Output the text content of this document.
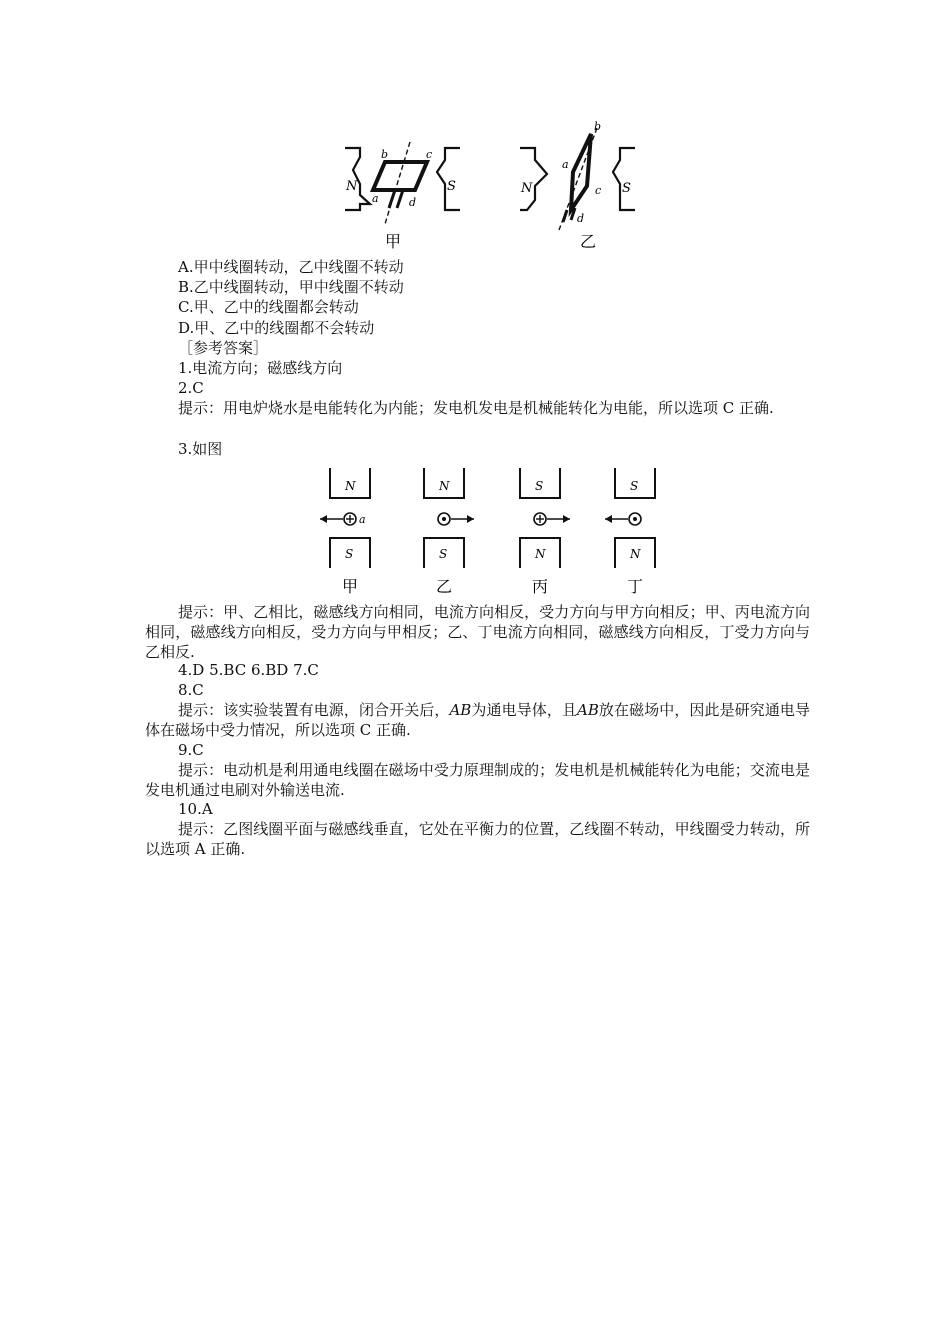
N	S
a
b	c
d
甲
N	S
a
b
c
d
乙
A.甲中线圈转动，乙中线圈不转动
B.乙中线圈转动，甲中线圈不转动
C.甲、乙中的线圈都会转动
D.甲、乙中的线圈都不会转动
［参考答案］
1.电流方向；磁感线方向
2.C
提示：用电炉烧水是电能转化为内能；发电机发电是机械能转化为电能，所以选项 C 正确.
3.如图
N
S
a
甲
N
S
乙
S
N
丙
S
N
丁
提示：甲、乙相比，磁感线方向相同，电流方向相反，受力方向与甲方向相反；甲、丙电流方向相同，磁感线方向相反，受力方向与甲相反；乙、丁电流方向相同，磁感线方向相反，丁受力方向与乙相反.
4.D 5.BC 6.BD 7.C
8.C
提示：该实验装置有电源，闭合开关后，AB为通电导体，且AB放在磁场中，因此是研究通电导体在磁场中受力情况，所以选项 C 正确.
9.C
提示：电动机是利用通电线圈在磁场中受力原理制成的；发电机是机械能转化为电能；交流电是发电机通过电刷对外输送电流.
10.A
提示：乙图线圈平面与磁感线垂直，它处在平衡力的位置，乙线圈不转动，甲线圈受力转动，所以选项 A 正确.
